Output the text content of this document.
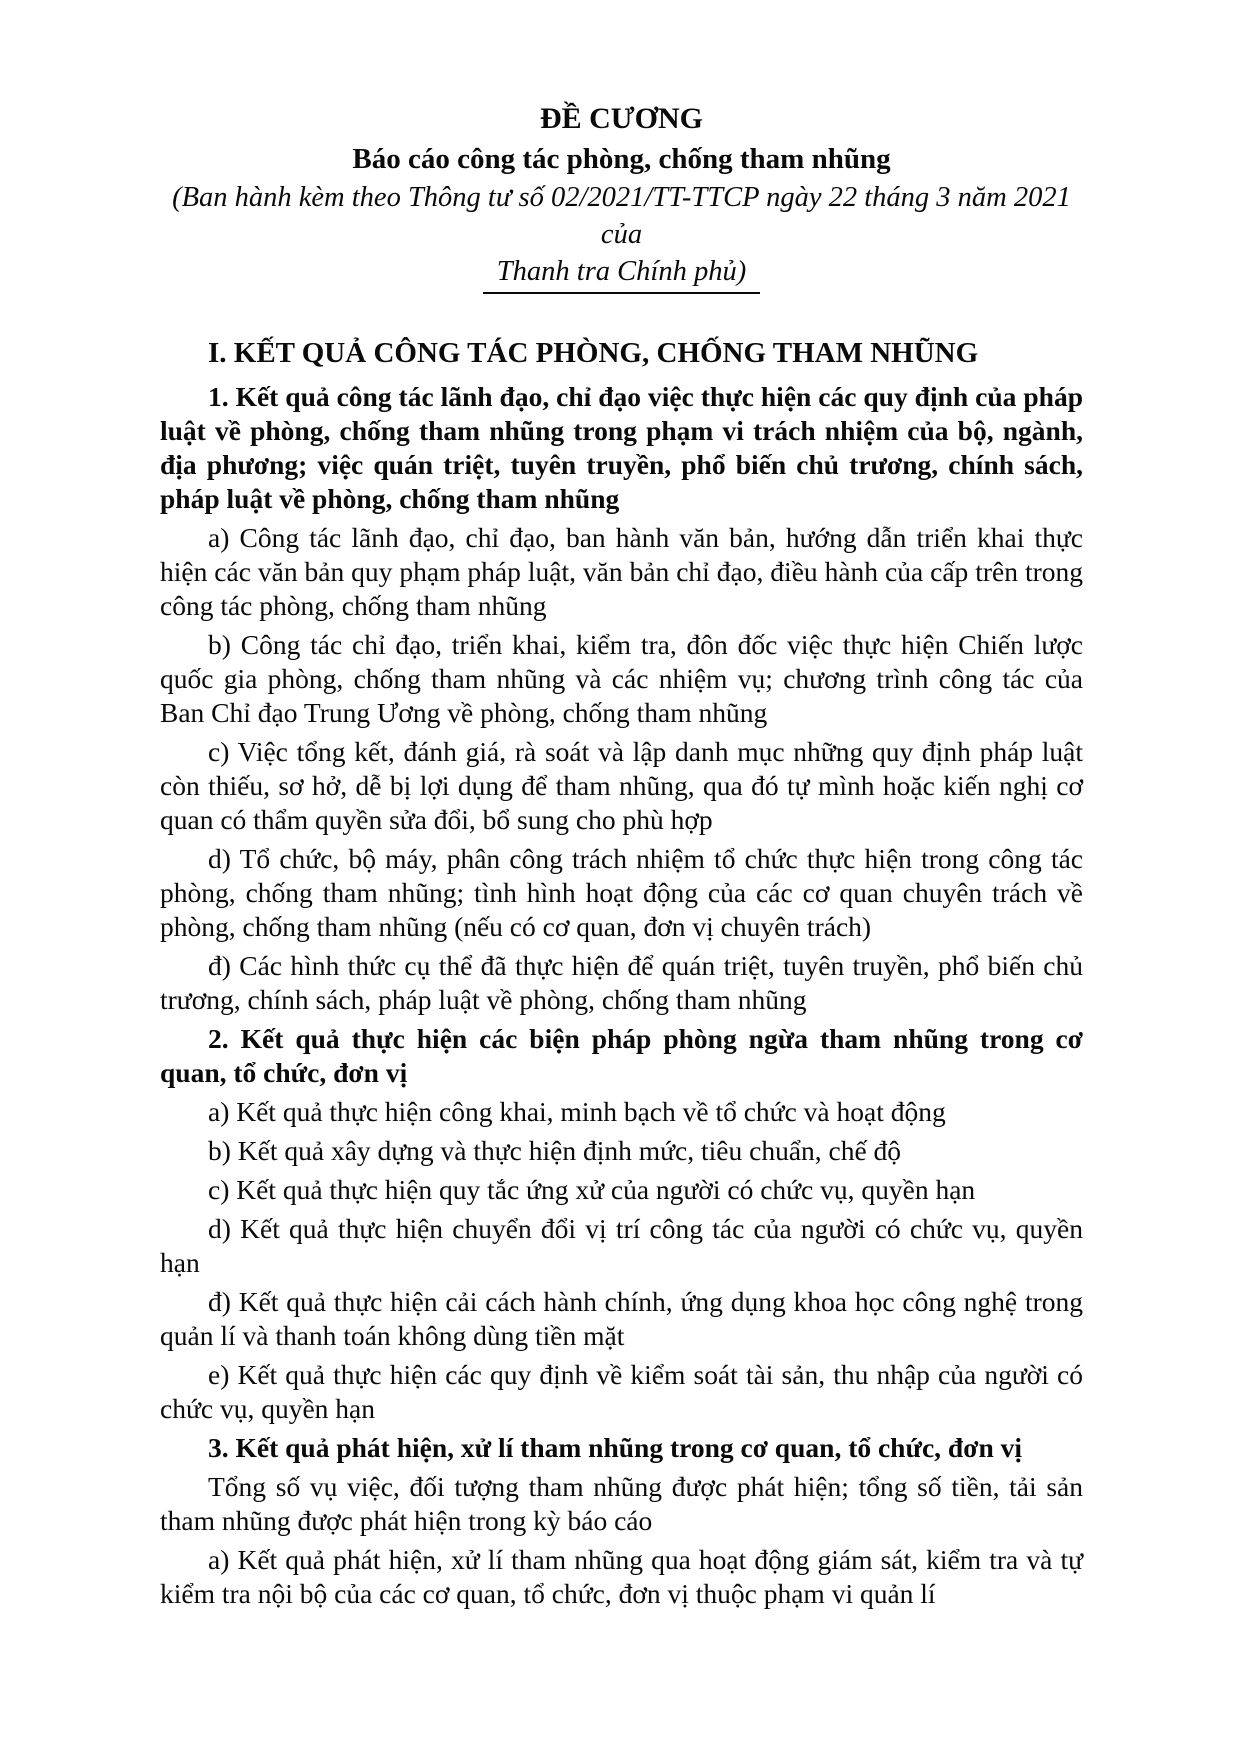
ĐỀ CƯƠNG

Báo cáo công tác phòng, chống tham nhũng

(Ban hành kèm theo Thông tư số 02/2021/TT-TTCP ngày 22 tháng 3 năm 2021 của

Thanh tra Chính phủ)

I. KẾT QUẢ CÔNG TÁC PHÒNG, CHỐNG THAM NHŨNG

1. Kết quả công tác lãnh đạo, chỉ đạo việc thực hiện các quy định của pháp luật về phòng, chống tham nhũng trong phạm vi trách nhiệm của bộ, ngành, địa phương; việc quán triệt, tuyên truyền, phổ biến chủ trương, chính sách, pháp luật về phòng, chống tham nhũng

a) Công tác lãnh đạo, chỉ đạo, ban hành văn bản, hướng dẫn triển khai thực hiện các văn bản quy phạm pháp luật, văn bản chỉ đạo, điều hành của cấp trên trong công tác phòng, chống tham nhũng

b) Công tác chỉ đạo, triển khai, kiểm tra, đôn đốc việc thực hiện Chiến lược quốc gia phòng, chống tham nhũng và các nhiệm vụ; chương trình công tác của Ban Chỉ đạo Trung Ương về phòng, chống tham nhũng

c) Việc tổng kết, đánh giá, rà soát và lập danh mục những quy định pháp luật còn thiếu, sơ hở, dễ bị lợi dụng để tham nhũng, qua đó tự mình hoặc kiến nghị cơ quan có thẩm quyền sửa đổi, bổ sung cho phù hợp

d) Tổ chức, bộ máy, phân công trách nhiệm tổ chức thực hiện trong công tác phòng, chống tham nhũng; tình hình hoạt động của các cơ quan chuyên trách về phòng, chống tham nhũng (nếu có cơ quan, đơn vị chuyên trách)

đ) Các hình thức cụ thể đã thực hiện để quán triệt, tuyên truyền, phổ biến chủ trương, chính sách, pháp luật về phòng, chống tham nhũng

2. Kết quả thực hiện các biện pháp phòng ngừa tham nhũng trong cơ quan, tổ chức, đơn vị

a) Kết quả thực hiện công khai, minh bạch về tổ chức và hoạt động

b) Kết quả xây dựng và thực hiện định mức, tiêu chuẩn, chế độ

c) Kết quả thực hiện quy tắc ứng xử của người có chức vụ, quyền hạn

d) Kết quả thực hiện chuyển đổi vị trí công tác của người có chức vụ, quyền hạn

đ) Kết quả thực hiện cải cách hành chính, ứng dụng khoa học công nghệ trong quản lí và thanh toán không dùng tiền mặt

e) Kết quả thực hiện các quy định về kiểm soát tài sản, thu nhập của người có chức vụ, quyền hạn

3. Kết quả phát hiện, xử lí tham nhũng trong cơ quan, tổ chức, đơn vị

Tổng số vụ việc, đối tượng tham nhũng được phát hiện; tổng số tiền, tải sản tham nhũng được phát hiện trong kỳ báo cáo

a) Kết quả phát hiện, xử lí tham nhũng qua hoạt động giám sát, kiểm tra và tự kiểm tra nội bộ của các cơ quan, tổ chức, đơn vị thuộc phạm vi quản lí
